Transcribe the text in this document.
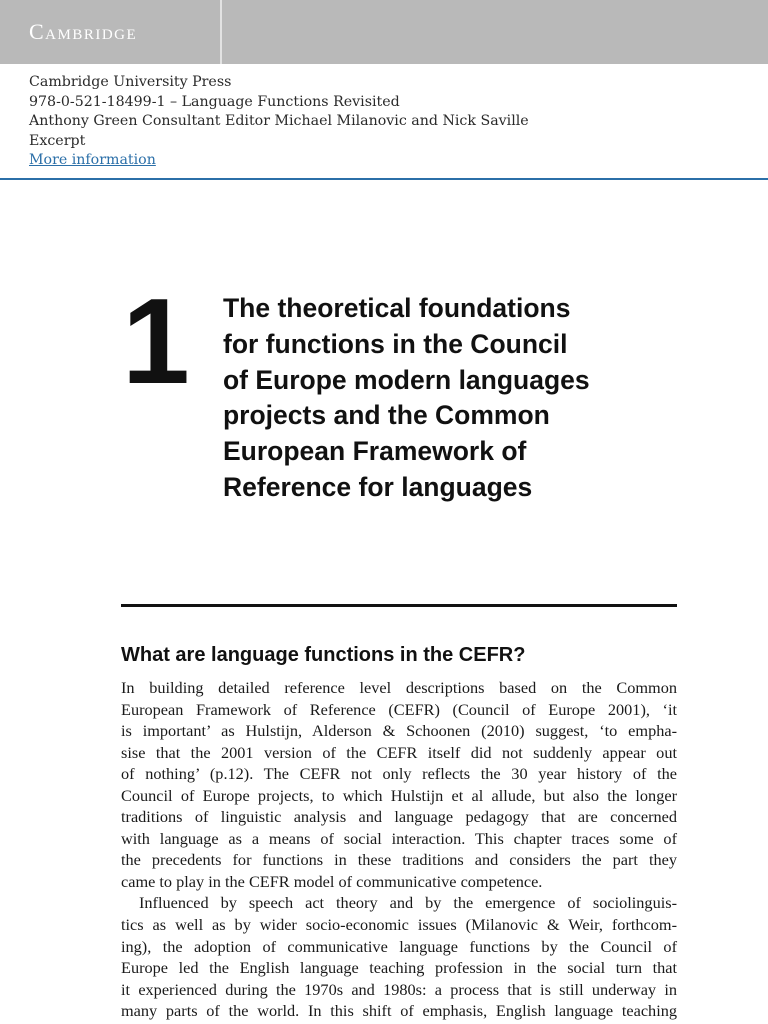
Cambridge
Cambridge University Press
978-0-521-18499-1 – Language Functions Revisited
Anthony Green Consultant Editor Michael Milanovic and Nick Saville
Excerpt
More information
1 The theoretical foundations
for functions in the Council
of Europe modern languages
projects and the Common
European Framework of
Reference for languages
What are language functions in the CEFR?
In building detailed reference level descriptions based on the Common
European Framework of Reference (CEFR) (Council of Europe 2001), ‘it
is important’ as Hulstijn, Alderson & Schoonen (2010) suggest, ‘to empha-
sise that the 2001 version of the CEFR itself did not suddenly appear out
of nothing’ (p.12). The CEFR not only reflects the 30 year history of the
Council of Europe projects, to which Hulstijn et al allude, but also the longer
traditions of linguistic analysis and language pedagogy that are concerned
with language as a means of social interaction. This chapter traces some of
the precedents for functions in these traditions and considers the part they
came to play in the CEFR model of communicative competence.
Influenced by speech act theory and by the emergence of sociolinguis-
tics as well as by wider socio-economic issues (Milanovic & Weir, forthcom-
ing), the adoption of communicative language functions by the Council of
Europe led the English language teaching profession in the social turn that
it experienced during the 1970s and 1980s: a process that is still underway in
many parts of the world. In this shift of emphasis, English language teaching
